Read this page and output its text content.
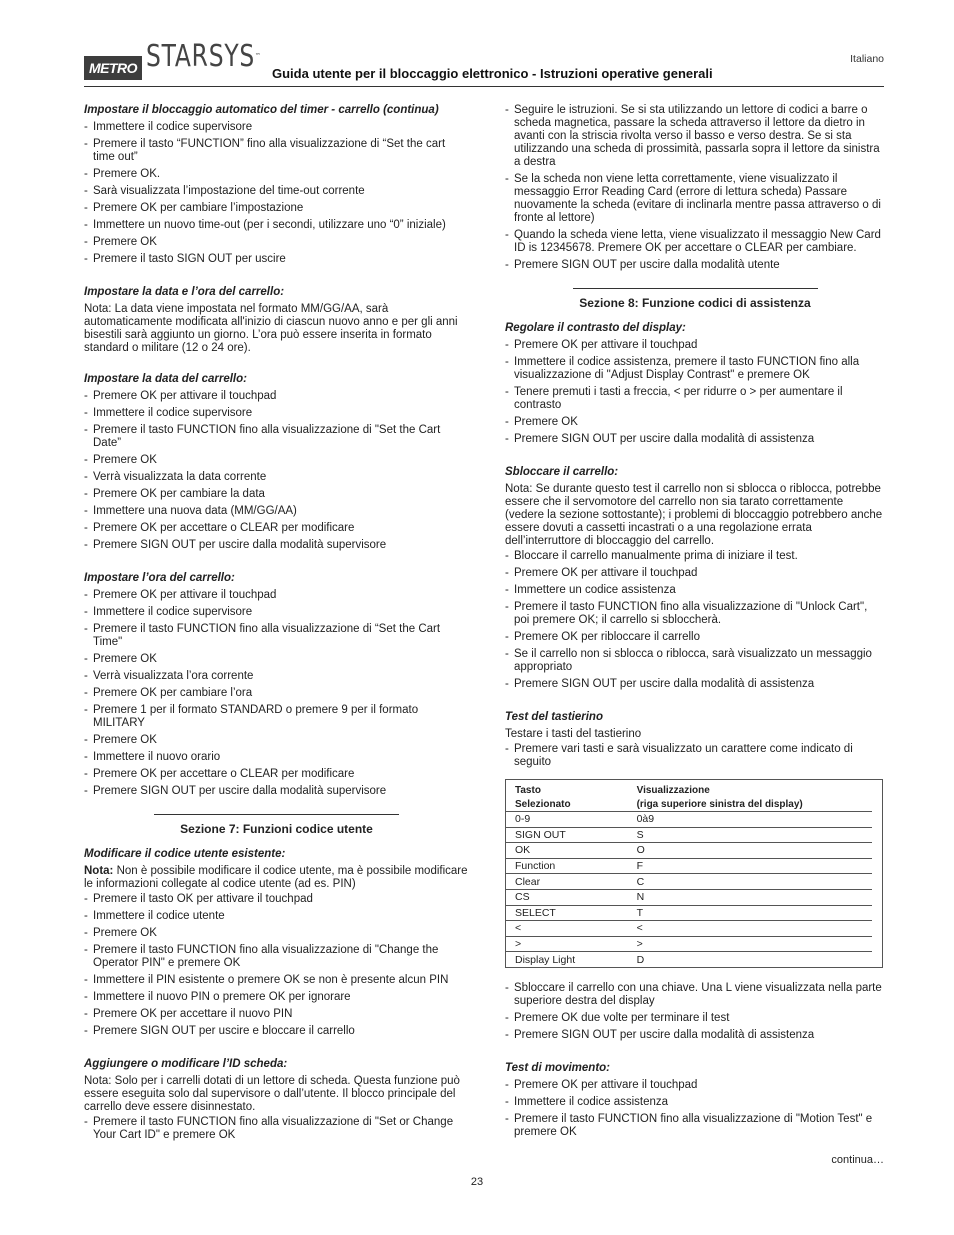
Italiano
METRO STARSYS™
Guida utente per il bloccaggio elettronico - Istruzioni operative generali
Impostare il bloccaggio automatico del timer - carrello (continua)
- Immettere il codice supervisore
- Premere il tasto “FUNCTION” fino alla visualizzazione di “Set the cart time out”
- Premere OK.
- Sarà visualizzata l’impostazione del time-out corrente
- Premere OK per cambiare l’impostazione
- Immettere un nuovo time-out (per i secondi, utilizzare uno “0” iniziale)
- Premere OK
- Premere il tasto SIGN OUT per uscire
Impostare la data e l’ora del carrello:
Nota: La data viene impostata nel formato MM/GG/AA, sarà automaticamente modificata all'inizio di ciascun nuovo anno e per gli anni bisestili sarà aggiunto un giorno. L’ora può essere inserita in formato standard o militare (12 o 24 ore).
Impostare la data del carrello:
- Premere OK per attivare il touchpad
- Immettere il codice supervisore
- Premere il tasto FUNCTION fino alla visualizzazione di "Set the Cart Date”
- Premere OK
- Verrà visualizzata la data corrente
- Premere OK per cambiare la data
- Immettere una nuova data (MM/GG/AA)
- Premere OK per accettare o CLEAR per modificare
- Premere SIGN OUT per uscire dalla modalità supervisore
Impostare l’ora del carrello:
- Premere OK per attivare il touchpad
- Immettere il codice supervisore
- Premere il tasto FUNCTION fino alla visualizzazione di “Set the Cart Time"
- Premere OK
- Verrà visualizzata l’ora corrente
- Premere OK per cambiare l’ora
- Premere 1 per il formato STANDARD o premere 9 per il formato MILITARY
- Premere OK
- Immettere il nuovo orario
- Premere OK per accettare o CLEAR per modificare
- Premere SIGN OUT per uscire dalla modalità supervisore
Sezione 7: Funzioni codice utente
Modificare il codice utente esistente:
Nota: Non è possibile modificare il codice utente, ma è possibile modificare le informazioni collegate al codice utente (ad es. PIN)
- Premere il tasto OK per attivare il touchpad
- Immettere il codice utente
- Premere OK
- Premere il tasto FUNCTION fino alla visualizzazione di "Change the Operator PIN" e premere OK
- Immettere il PIN esistente o premere OK se non è presente alcun PIN
- Immettere il nuovo PIN o premere OK per ignorare
- Premere OK per accettare il nuovo PIN
- Premere SIGN OUT per uscire e bloccare il carrello
Aggiungere o modificare l’ID scheda:
Nota: Solo per i carrelli dotati di un lettore di scheda. Questa funzione può essere eseguita solo dal supervisore o dall’utente. Il blocco principale del carrello deve essere disinnestato.
- Premere il tasto FUNCTION fino alla visualizzazione di "Set or Change Your Cart ID" e premere OK
- Seguire le istruzioni. Se si sta utilizzando un lettore di codici a barre o scheda magnetica, passare la scheda attraverso il lettore da dietro in avanti con la striscia rivolta verso il basso e verso destra. Se si sta utilizzando una scheda di prossimità, passarla sopra il lettore da sinistra a destra
- Se la scheda non viene letta correttamente, viene visualizzato il messaggio Error Reading Card (errore di lettura scheda) Passare nuovamente la scheda (evitare di inclinarla mentre passa attraverso o di fronte al lettore)
- Quando la scheda viene letta, viene visualizzato il messaggio New Card ID is 12345678. Premere OK per accettare o CLEAR per cambiare.
- Premere SIGN OUT per uscire dalla modalità utente
Sezione 8: Funzione codici di assistenza
Regolare il contrasto del display:
- Premere OK per attivare il touchpad
- Immettere il codice assistenza, premere il tasto FUNCTION fino alla visualizzazione di "Adjust Display Contrast" e premere OK
- Tenere premuti i tasti a freccia, < per ridurre o > per aumentare il contrasto
- Premere OK
- Premere SIGN OUT per uscire dalla modalità di assistenza
Sbloccare il carrello:
Nota: Se durante questo test il carrello non si sblocca o riblocca, potrebbe essere che il servomotore del carrello non sia tarato correttamente (vedere la sezione sottostante); i problemi di bloccaggio potrebbero anche essere dovuti a cassetti incastrati o a una regolazione errata dell’interruttore di bloccaggio del carrello.
- Bloccare il carrello manualmente prima di iniziare il test.
- Premere OK per attivare il touchpad
- Immettere un codice assistenza
- Premere il tasto FUNCTION fino alla visualizzazione di "Unlock Cart", poi premere OK; il carrello si sbloccherà.
- Premere OK per ribloccare il carrello
- Se il carrello non si sblocca o riblocca, sarà visualizzato un messaggio appropriato
- Premere SIGN OUT per uscire dalla modalità di assistenza
Test del tastierino
Testare i tasti del tastierino
- Premere vari tasti e sarà visualizzato un carattere come indicato di seguito
Tasto	Visualizzazione	
Selezionato	(riga superiore sinistra del display)	
0-9	0à9	
SIGN OUT	S	
OK	O	
Function	F	
Clear	C	
CS	N	
SELECT	T	
<	<	
>	>	
Display Light	D	
- Sbloccare il carrello con una chiave. Una L viene visualizzata nella parte superiore destra del display
- Premere OK due volte per terminare il test
- Premere SIGN OUT per uscire dalla modalità di assistenza
Test di movimento:
- Premere OK per attivare il touchpad
- Immettere il codice assistenza
- Premere il tasto FUNCTION fino alla visualizzazione di "Motion Test" e premere OK
continua…
23
